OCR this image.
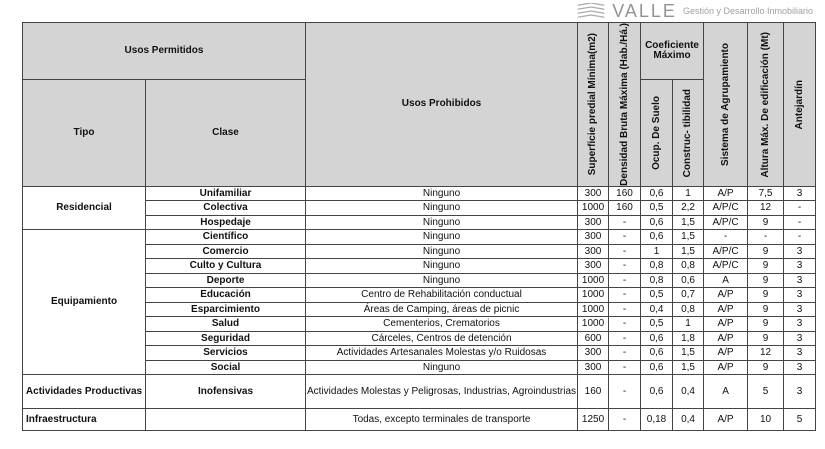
Usos Permitidos		Usos Prohibidos	Superficie predial Mínima(m2)	Densidad Bruta Máxima (Hab./Há.)	Coeficiente Máximo		Sistema de Agrupamiento	Altura Máx. De edificación (Mt)	Antejardín

Tipo	Clase				Ocup. De Suelo	Construc- tibilidad			

Residencial	Unifamiliar	Ninguno	300	160	0,6	1	A/P	7,5	3
	Colectiva	Ninguno	1000	160	0,5	2,2	A/P/C	12	-
	Hospedaje	Ninguno	300	-	0,6	1,5	A/P/C	9	-
Equipamiento	Científico	Ninguno	300	-	0,6	1,5	-	-	-
	Comercio	Ninguno	300	-	1	1,5	A/P/C	9	3
	Culto y Cultura	Ninguno	300	-	0,8	0,8	A/P/C	9	3
	Deporte	Ninguno	1000	-	0,8	0,6	A	9	3
	Educación	Centro de Rehabilitación conductual	1000	-	0,5	0,7	A/P	9	3
	Esparcimiento	Áreas de Camping, áreas de picnic	1000	-	0,4	0,8	A/P	9	3
	Salud	Cementerios, Crematorios	1000	-	0,5	1	A/P	9	3
	Seguridad	Cárceles, Centros de detención	600	-	0,6	1,8	A/P	9	3
	Servicios	Actividades Artesanales Molestas y/o Ruidosas	300	-	0,6	1,5	A/P	12	3
	Social	Ninguno	300	-	0,6	1,5	A/P	9	3
Actividades Productivas	Inofensivas	Actividades Molestas y Peligrosas, Industrias, Agroindustrias	160	-	0,6	0,4	A	5	3
Infraestructura		Todas, excepto terminales de transporte	1250	-	0,18	0,4	A/P	10	5
VALLE Gestión y Desarrollo Inmobiliario
